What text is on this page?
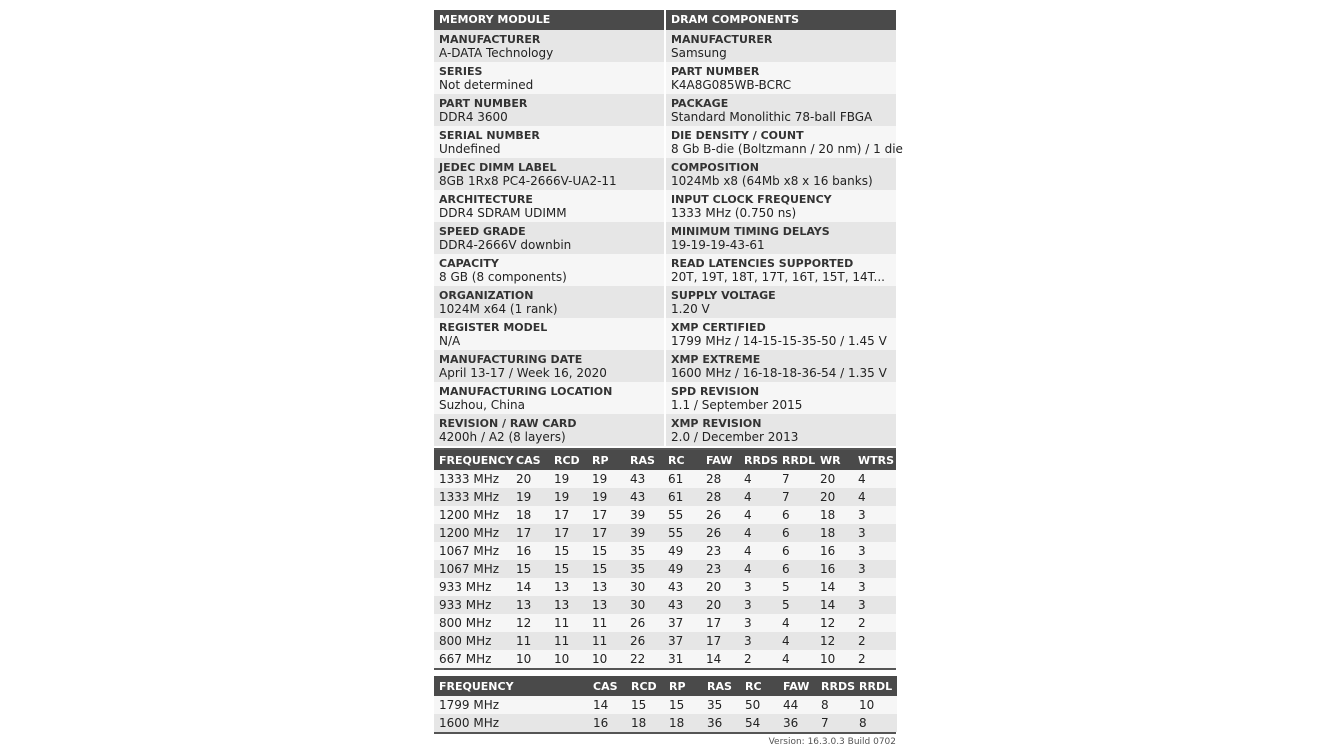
MEMORY MODULE
MANUFACTURER
A-DATA Technology
SERIES
Not determined
PART NUMBER
DDR4 3600
SERIAL NUMBER
Undefined
JEDEC DIMM LABEL
8GB 1Rx8 PC4-2666V-UA2-11
ARCHITECTURE
DDR4 SDRAM UDIMM
SPEED GRADE
DDR4-2666V downbin
CAPACITY
8 GB (8 components)
ORGANIZATION
1024M x64 (1 rank)
REGISTER MODEL
N/A
MANUFACTURING DATE
April 13-17 / Week 16, 2020
MANUFACTURING LOCATION
Suzhou, China
REVISION / RAW CARD
4200h / A2 (8 layers)
DRAM COMPONENTS
MANUFACTURER
Samsung
PART NUMBER
K4A8G085WB-BCRC
PACKAGE
Standard Monolithic 78-ball FBGA
DIE DENSITY / COUNT
8 Gb B-die (Boltzmann / 20 nm) / 1 die
COMPOSITION
1024Mb x8 (64Mb x8 x 16 banks)
INPUT CLOCK FREQUENCY
1333 MHz (0.750 ns)
MINIMUM TIMING DELAYS
19-19-19-43-61
READ LATENCIES SUPPORTED
20T, 19T, 18T, 17T, 16T, 15T, 14T...
SUPPLY VOLTAGE
1.20 V
XMP CERTIFIED
1799 MHz / 14-15-15-35-50 / 1.45 V
XMP EXTREME
1600 MHz / 16-18-18-36-54 / 1.35 V
SPD REVISION
1.1 / September 2015
XMP REVISION
2.0 / December 2013
FREQUENCY	CAS	RCD	RP	RAS	RC	FAW	RRDS	RRDL	WR	WTRS
1333 MHz	20	19	19	43	61	28	4	7	20	4
1333 MHz	19	19	19	43	61	28	4	7	20	4
1200 MHz	18	17	17	39	55	26	4	6	18	3
1200 MHz	17	17	17	39	55	26	4	6	18	3
1067 MHz	16	15	15	35	49	23	4	6	16	3
1067 MHz	15	15	15	35	49	23	4	6	16	3
933 MHz	14	13	13	30	43	20	3	5	14	3
933 MHz	13	13	13	30	43	20	3	5	14	3
800 MHz	12	11	11	26	37	17	3	4	12	2
800 MHz	11	11	11	26	37	17	3	4	12	2
667 MHz	10	10	10	22	31	14	2	4	10	2
FREQUENCY		CAS	RCD	RP	RAS	RC	FAW	RRDS	RRDL
1799 MHz		14	15	15	35	50	44	8	10
1600 MHz		16	18	18	36	54	36	7	8
Version: 16.3.0.3 Build 0702
